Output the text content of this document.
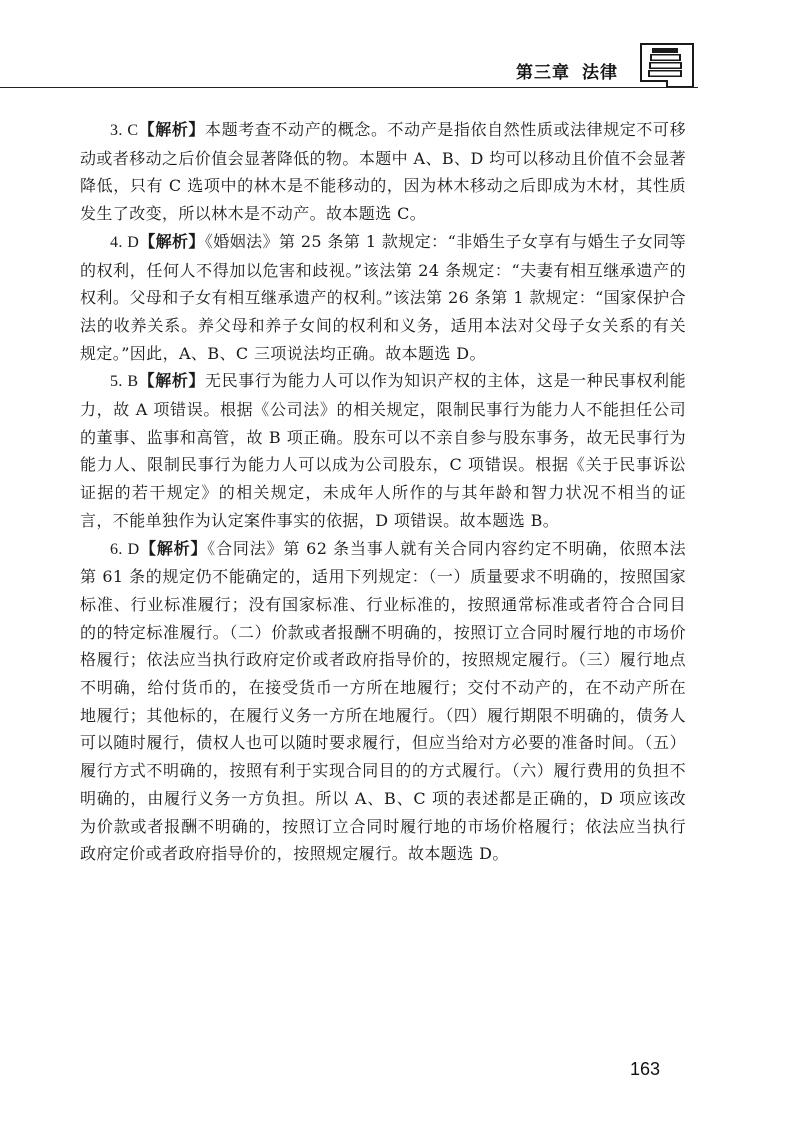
第三章 法律

3. C【解析】本题考查不动产的概念。不动产是指依自然性质或法律规定不可移动或者移动之后价值会显著降低的物。本题中 A、B、D 均可以移动且价值不会显著降低，只有 C 选项中的林木是不能移动的，因为林木移动之后即成为木材，其性质发生了改变，所以林木是不动产。故本题选 C。

4. D【解析】《婚姻法》第 25 条第 1 款规定：“非婚生子女享有与婚生子女同等的权利，任何人不得加以危害和歧视。”该法第 24 条规定：“夫妻有相互继承遗产的权利。父母和子女有相互继承遗产的权利。”该法第 26 条第 1 款规定：“国家保护合法的收养关系。养父母和养子女间的权利和义务，适用本法对父母子女关系的有关规定。”因此，A、B、C 三项说法均正确。故本题选 D。

5. B【解析】无民事行为能力人可以作为知识产权的主体，这是一种民事权利能力，故 A 项错误。根据《公司法》的相关规定，限制民事行为能力人不能担任公司的董事、监事和高管，故 B 项正确。股东可以不亲自参与股东事务，故无民事行为能力人、限制民事行为能力人可以成为公司股东，C 项错误。根据《关于民事诉讼证据的若干规定》的相关规定，未成年人所作的与其年龄和智力状况不相当的证言，不能单独作为认定案件事实的依据，D 项错误。故本题选 B。

6. D【解析】《合同法》第 62 条当事人就有关合同内容约定不明确，依照本法第 61 条的规定仍不能确定的，适用下列规定：（一）质量要求不明确的，按照国家标准、行业标准履行；没有国家标准、行业标准的，按照通常标准或者符合合同目的的特定标准履行。（二）价款或者报酬不明确的，按照订立合同时履行地的市场价格履行；依法应当执行政府定价或者政府指导价的，按照规定履行。（三）履行地点不明确，给付货币的，在接受货币一方所在地履行；交付不动产的，在不动产所在地履行；其他标的，在履行义务一方所在地履行。（四）履行期限不明确的，债务人可以随时履行，债权人也可以随时要求履行，但应当给对方必要的准备时间。（五）履行方式不明确的，按照有利于实现合同目的的方式履行。（六）履行费用的负担不明确的，由履行义务一方负担。所以 A、B、C 项的表述都是正确的，D 项应该改为价款或者报酬不明确的，按照订立合同时履行地的市场价格履行；依法应当执行政府定价或者政府指导价的，按照规定履行。故本题选 D。

163
